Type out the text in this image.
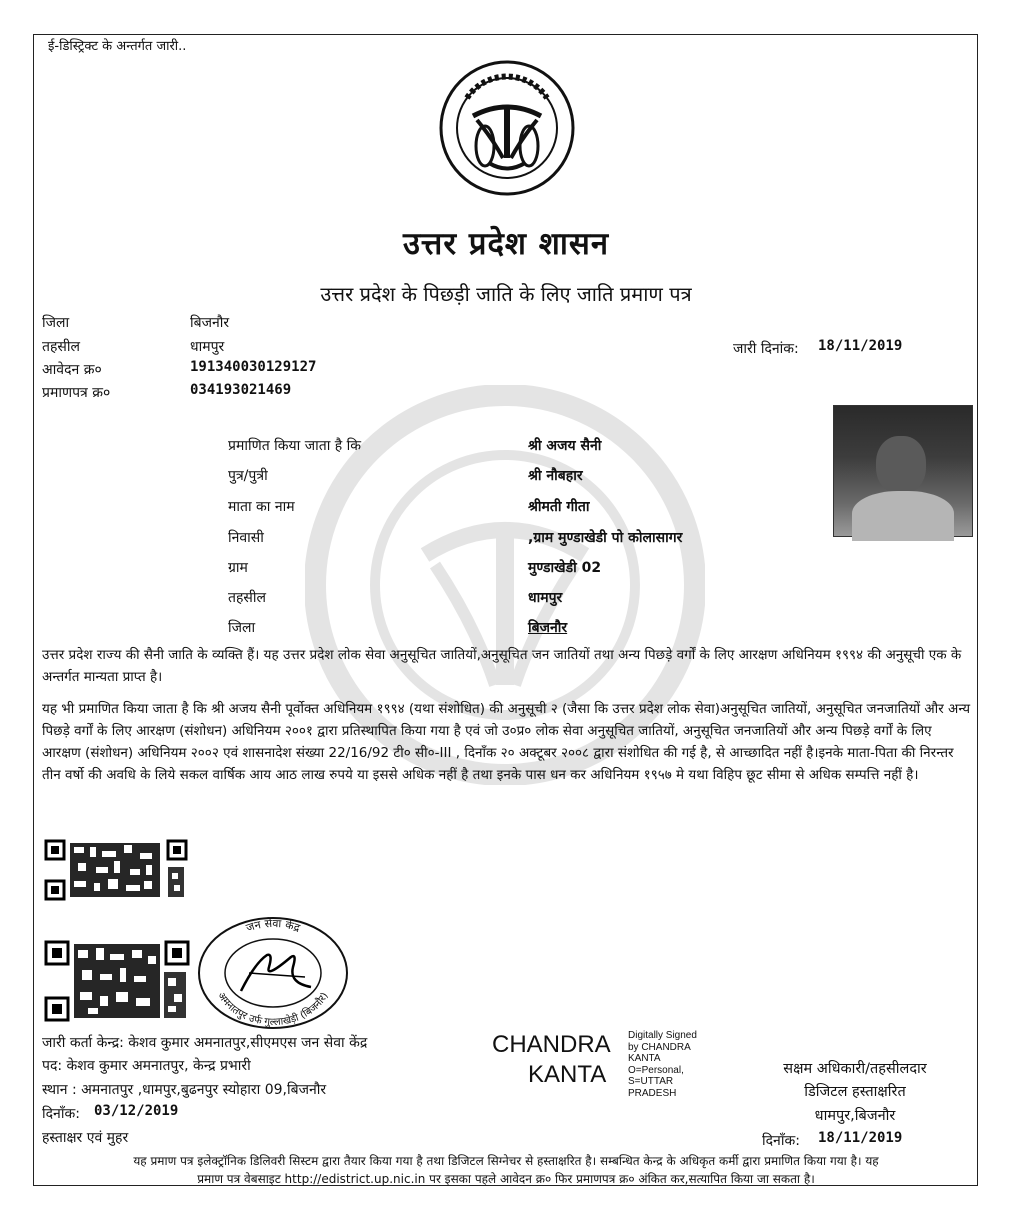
ई-डिस्ट्रिक्ट के अन्तर्गत जारी..
उत्तर प्रदेश शासन
उत्तर प्रदेश के पिछड़ी जाति के लिए जाति प्रमाण पत्र
जिला	बिजनौर
तहसील	धामपुर
आवेदन क्र०	191340030129127
प्रमाणपत्र क्र०	034193021469
जारी दिनांक: 18/11/2019
प्रमाणित किया जाता है कि	श्री अजय सैनी
पुत्र/पुत्री	श्री नौबहार
माता का नाम	श्रीमती गीता
निवासी	,ग्राम मुण्डाखेडी पो कोलासागर
ग्राम	मुण्डाखेडी 02
तहसील	धामपुर
जिला	बिजनौर
उत्तर प्रदेश राज्य की सैनी जाति के व्यक्ति हैं। यह उत्तर प्रदेश लोक सेवा अनुसूचित जातियों,अनुसूचित जन जातियों तथा अन्य पिछड़े वर्गों के लिए आरक्षण अधिनियम १९९४ की अनुसूची एक के अन्तर्गत मान्यता प्राप्त है।
यह भी प्रमाणित किया जाता है कि श्री अजय सैनी पूर्वोक्त अधिनियम १९९४ (यथा संशोधित) की अनुसूची २ (जैसा कि उत्तर प्रदेश लोक सेवा)अनुसूचित जातियों, अनुसूचित जनजातियों और अन्य पिछड़े वर्गों के लिए आरक्षण (संशोधन) अधिनियम २००१ द्वारा प्रतिस्थापित किया गया है एवं जो उ०प्र० लोक सेवा अनुसूचित जातियों, अनुसूचित जनजातियों और अन्य पिछड़े वर्गों के लिए आरक्षण (संशोधन) अधिनियम २००२ एवं शासनादेश संख्या 22/16/92 टी० सी०-III , दिनाँक २० अक्टूबर २००८ द्वारा संशोधित की गई है, से आच्छादित नहीं है।इनके माता-पिता की निरन्तर तीन वर्षो की अवधि के लिये सकल वार्षिक आय आठ लाख रुपये या इससे अधिक नहीं है तथा इनके पास धन कर अधिनियम १९५७ मे यथा विहिप छूट सीमा से अधिक सम्पत्ति नहीं है।
जन सेवा केंद्र
अमनातपुर उर्फ गुल्लाखेड़ी (बिजनौर)
जारी कर्ता केन्द्र: केशव कुमार अमनातपुर,सीएमएस जन सेवा केंद्र
पद: केशव कुमार अमनातपुर, केन्द्र प्रभारी
स्थान : अमनातपुर ,धामपुर,बुढनपुर स्योहारा 09,बिजनौर
दिनाँक: 03/12/2019
हस्ताक्षर एवं मुहर
CHANDRA
KANTA
Digitally Signed
by CHANDRA
KANTA
O=Personal,
S=UTTAR
PRADESH
सक्षम अधिकारी/तहसीलदार
डिजिटल हस्ताक्षरित
धामपुर,बिजनौर
दिनाँक: 18/11/2019
यह प्रमाण पत्र इलेक्ट्रॉनिक डिलिवरी सिस्टम द्वारा तैयार किया गया है तथा डिजिटल सिग्नेचर से हस्ताक्षरित है। सम्बन्धित केन्द्र के अधिकृत कर्मी द्वारा प्रमाणित किया गया है। यह
प्रमाण पत्र वेबसाइट http://edistrict.up.nic.in पर इसका पहले आवेदन क्र० फिर प्रमाणपत्र क्र० अंकित कर,सत्यापित किया जा सकता है।
